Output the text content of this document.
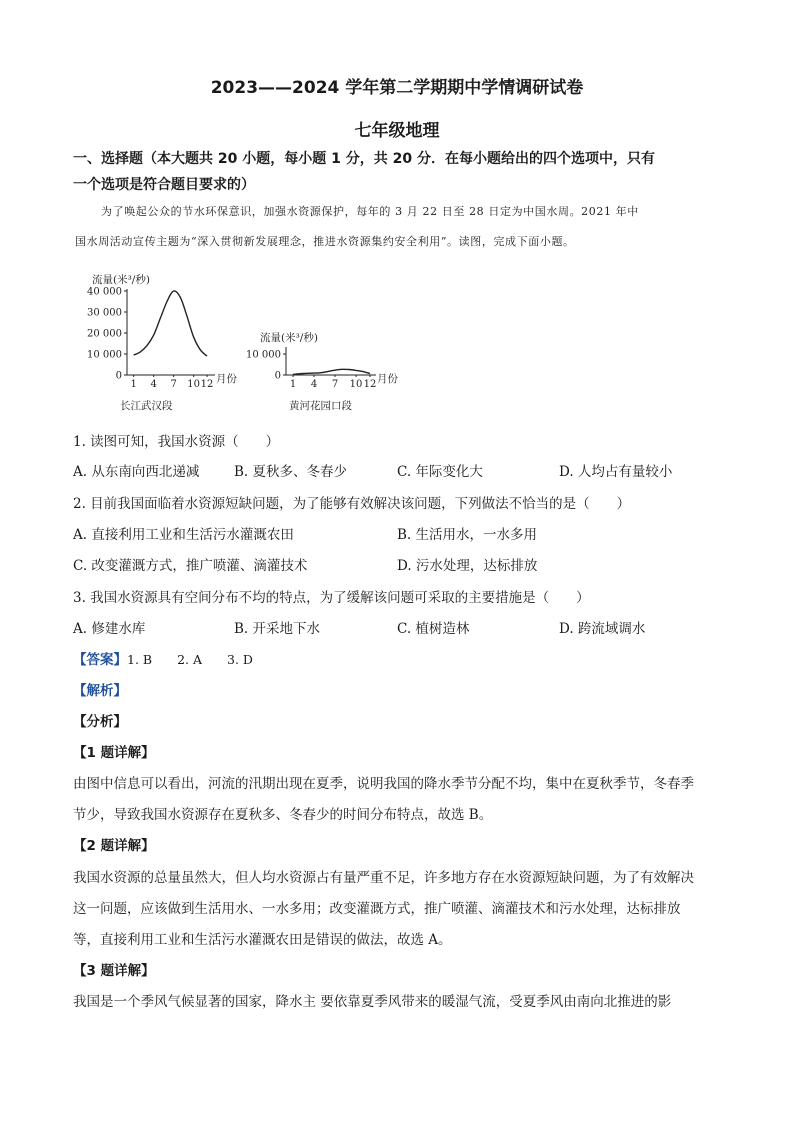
2023——2024 学年第二学期期中学情调研试卷
七年级地理
一、选择题（本大题共 20 小题，每小题 1 分，共 20 分．在每小题给出的四个选项中，只有
一个选项是符合题目要求的）
为了唤起公众的节水环保意识，加强水资源保护，每年的 3 月 22 日至 28 日定为中国水周。2021 年中
国水周活动宣传主题为“深入贯彻新发展理念，推进水资源集约安全利用”。读图，完成下面小题。
流量(米³/秒)
0
10 000
20 000
30 000
40 000
1 4 7 10 12 月份
长江武汉段
流量(米³/秒)
0
10 000
1 4 7 10 12 月份
黄河花园口段
1. 读图可知，我国水资源（　　）
A. 从东南向西北递减	B. 夏秋多、冬春少	C. 年际变化大	D. 人均占有量较小
2. 目前我国面临着水资源短缺问题，为了能够有效解决该问题，下列做法不恰当的是（　　）
A. 直接利用工业和生活污水灌溉农田	B. 生活用水，一水多用
C. 改变灌溉方式，推广喷灌、滴灌技术	D. 污水处理，达标排放
3. 我国水资源具有空间分布不均的特点，为了缓解该问题可采取的主要措施是（　　）
A. 修建水库	B. 开采地下水	C. 植树造林	D. 跨流域调水
【答案】1. B　　2. A　　3. D
【解析】
【分析】
【1 题详解】
由图中信息可以看出，河流的汛期出现在夏季，说明我国的降水季节分配不均，集中在夏秋季节，冬春季
节少，导致我国水资源存在夏秋多、冬春少的时间分布特点，故选 B。
【2 题详解】
我国水资源的总量虽然大，但人均水资源占有量严重不足，许多地方存在水资源短缺问题，为了有效解决
这一问题，应该做到生活用水、一水多用；改变灌溉方式，推广喷灌、滴灌技术和污水处理，达标排放
等，直接利用工业和生活污水灌溉农田是错误的做法，故选 A。
【3 题详解】
我国是一个季风气候显著的国家，降水主 要依靠夏季风带来的暖湿气流，受夏季风由南向北推进的影
